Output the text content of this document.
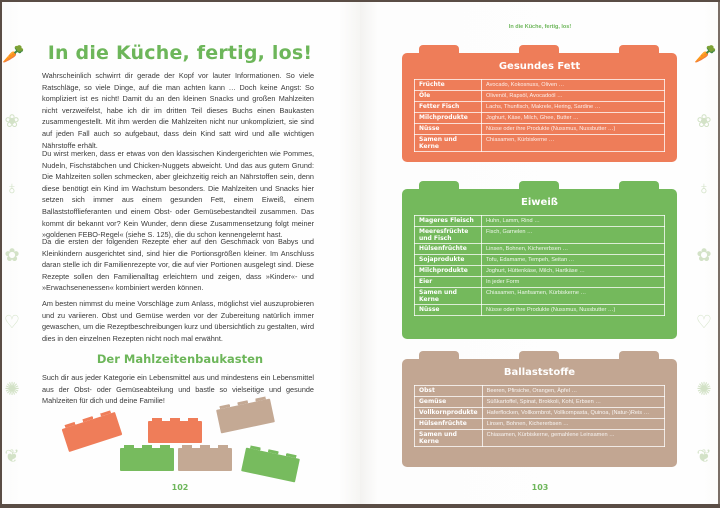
🥕
❀
♁
✿
♡
✺
❦
In die Küche, fertig, los!

Wahrscheinlich schwirrt dir gerade der Kopf vor lauter Informationen. So viele Ratschläge, so viele Dinge, auf die man achten kann … Doch keine Angst: So kompliziert ist es nicht! Damit du an den kleinen Snacks und großen Mahlzeiten nicht verzweifelst, habe ich dir im dritten Teil dieses Buchs einen Baukasten zusammengestellt. Mit ihm werden die Mahlzeiten nicht nur unkompliziert, sie sind auf jeden Fall auch so aufgebaut, dass dein Kind satt wird und alle wichtigen Nährstoffe erhält.

Du wirst merken, dass er etwas von den klassischen Kindergerichten wie Pommes, Nudeln, Fischstäbchen und Chicken-Nuggets abweicht. Und das aus gutem Grund: Die Mahlzeiten sollen schmecken, aber gleichzeitig reich an Nährstoffen sein, denn diese benötigt ein Kind im Wachstum besonders. Die Mahlzeiten und Snacks hier setzen sich immer aus einem gesunden Fett, einem Eiweiß, einem Ballaststofflieferanten und einem Obst- oder Gemüsebestandteil zusammen. Das kommt dir bekannt vor? Kein Wunder, denn diese Zusammensetzung folgt meiner »goldenen FEBO-Regel« (siehe S. 125), die du schon kennengelernt hast.

Da die ersten der folgenden Rezepte eher auf den Geschmack von Babys und Kleinkindern ausgerichtet sind, sind hier die Portionsgrößen kleiner. Im Anschluss daran stelle ich dir Familienrezepte vor, die auf vier Portionen ausgelegt sind. Diese Rezepte sollen den Familienalltag erleichtern und zeigen, dass »Kinder«- und »Erwachsenenessen« kombiniert werden können.

Am besten nimmst du meine Vorschläge zum Anlass, möglichst viel auszuprobieren und zu variieren. Obst und Gemüse werden vor der Zubereitung natürlich immer gewaschen, um die Rezeptbeschreibungen kurz und übersichtlich zu gestalten, wird dies in den einzelnen Rezepten nicht noch mal erwähnt.

Der Mahlzeitenbaukasten

Such dir aus jeder Kategorie ein Lebensmittel aus und mindestens ein Lebensmittel aus der Obst- oder Gemüseabteilung und bastle so vielseitige und gesunde Mahlzeiten für dich und deine Familie!

102
🥕
❀
♁
✿
♡
✺
❦
In die Küche, fertig, los!
Gesundes Fett
Früchte	Avocado, Kokosnuss, Oliven …
Öle	Olivenöl, Rapsöl, Avocadoöl …
Fetter Fisch	Lachs, Thunfisch, Makrele, Hering, Sardine …
Milchprodukte	Joghurt, Käse, Milch, Ghee, Butter …
Nüsse	Nüsse oder ihre Produkte (Nussmus, Nussbutter …)
Samen und Kerne	Chiasamen, Kürbiskerne …
Eiweiß
Mageres Fleisch	Huhn, Lamm, Rind …
Meeresfrüchte und Fisch	Fisch, Garnelen …
Hülsenfrüchte	Linsen, Bohnen, Kichererbsen …
Sojaprodukte	Tofu, Edamame, Tempeh, Seitan …
Milchprodukte	Joghurt, Hüttenkäse, Milch, Hartkäse …
Eier	In jeder Form
Samen und Kerne	Chiasamen, Hanfsamen, Kürbiskerne …
Nüsse	Nüsse oder ihre Produkte (Nussmus, Nussbutter …)
Ballaststoffe
Obst	Beeren, Pfirsiche, Orangen, Äpfel …
Gemüse	Süßkartoffel, Spinat, Brokkoli, Kohl, Erbsen …
Vollkornprodukte	Haferflocken, Vollkornbrot, Vollkornpasta, Quinoa, (Natur-)Reis …
Hülsenfrüchte	Linsen, Bohnen, Kichererbsen …
Samen und Kerne	Chiasamen, Kürbiskerne, gemahlene Leinsamen …
103
